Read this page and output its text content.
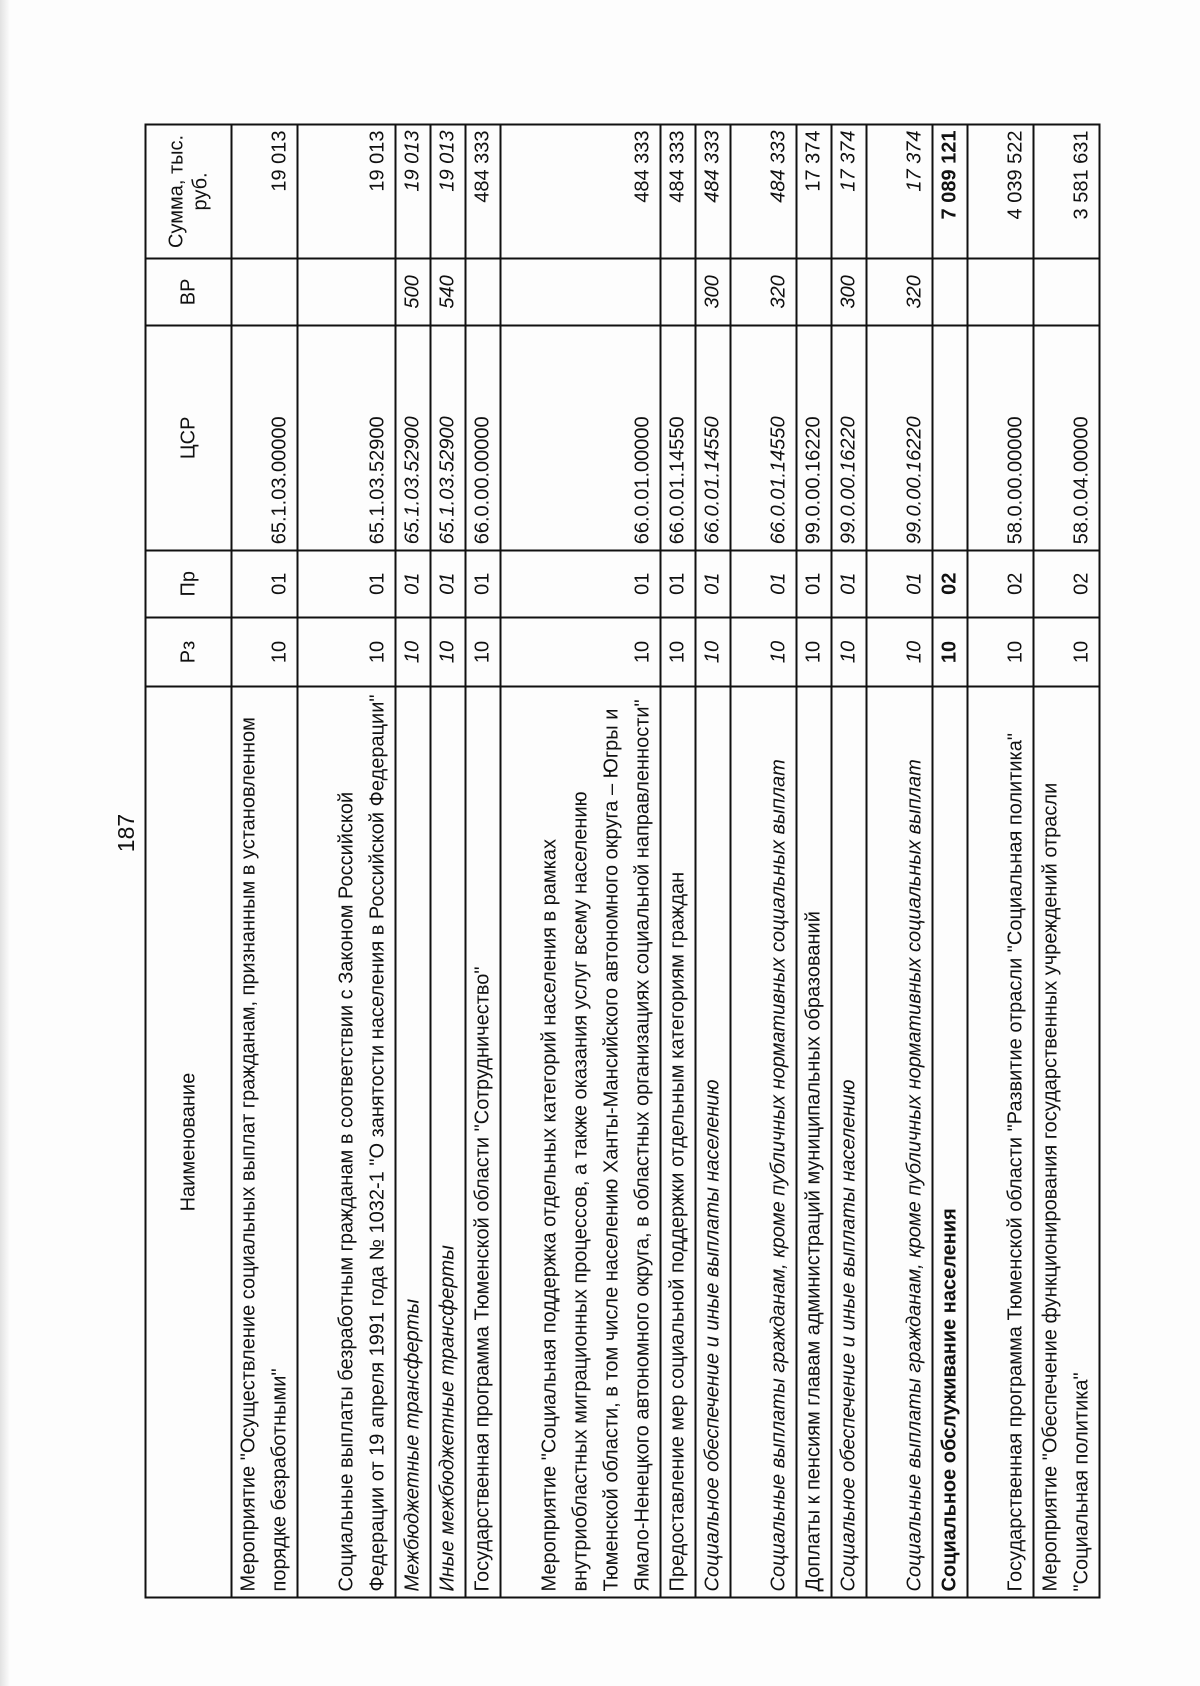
187
Наименование	Рз	Пр	ЦСР	ВР	Сумма, тыс. руб.
Мероприятие "Осуществление социальных выплат гражданам, признанным в установленном порядке безработными"	10	01	65.1.03.00000		19 013
Социальные выплаты безработным гражданам в соответствии с Законом Российской Федерации от 19 апреля 1991 года № 1032-1 "О занятости населения в Российской Федерации"	10	01	65.1.03.52900		19 013
Межбюджетные трансферты	10	01	65.1.03.52900	500	19 013
Иные межбюджетные трансферты	10	01	65.1.03.52900	540	19 013
Государственная программа Тюменской области "Сотрудничество"	10	01	66.0.00.00000		484 333
Мероприятие "Социальная поддержка отдельных категорий населения в рамках внутриобластных миграционных процессов, а также оказания услуг всему населению Тюменской области, в том числе населению Ханты-Мансийского автономного округа – Югры и Ямало-Ненецкого автономного округа, в областных организациях социальной направленности"	10	01	66.0.01.00000		484 333
Предоставление мер социальной поддержки отдельным категориям граждан	10	01	66.0.01.14550		484 333
Социальное обеспечение и иные выплаты населению	10	01	66.0.01.14550	300	484 333
Социальные выплаты гражданам, кроме публичных нормативных социальных выплат	10	01	66.0.01.14550	320	484 333
Доплаты к пенсиям главам администраций муниципальных образований	10	01	99.0.00.16220		17 374
Социальное обеспечение и иные выплаты населению	10	01	99.0.00.16220	300	17 374
Социальные выплаты гражданам, кроме публичных нормативных социальных выплат	10	01	99.0.00.16220	320	17 374
Социальное обслуживание населения	10	02			7 089 121
Государственная программа Тюменской области "Развитие отрасли "Социальная политика"	10	02	58.0.00.00000		4 039 522
Мероприятие "Обеспечение функционирования государственных учреждений отрасли "Социальная политика"	10	02	58.0.04.00000		3 581 631
